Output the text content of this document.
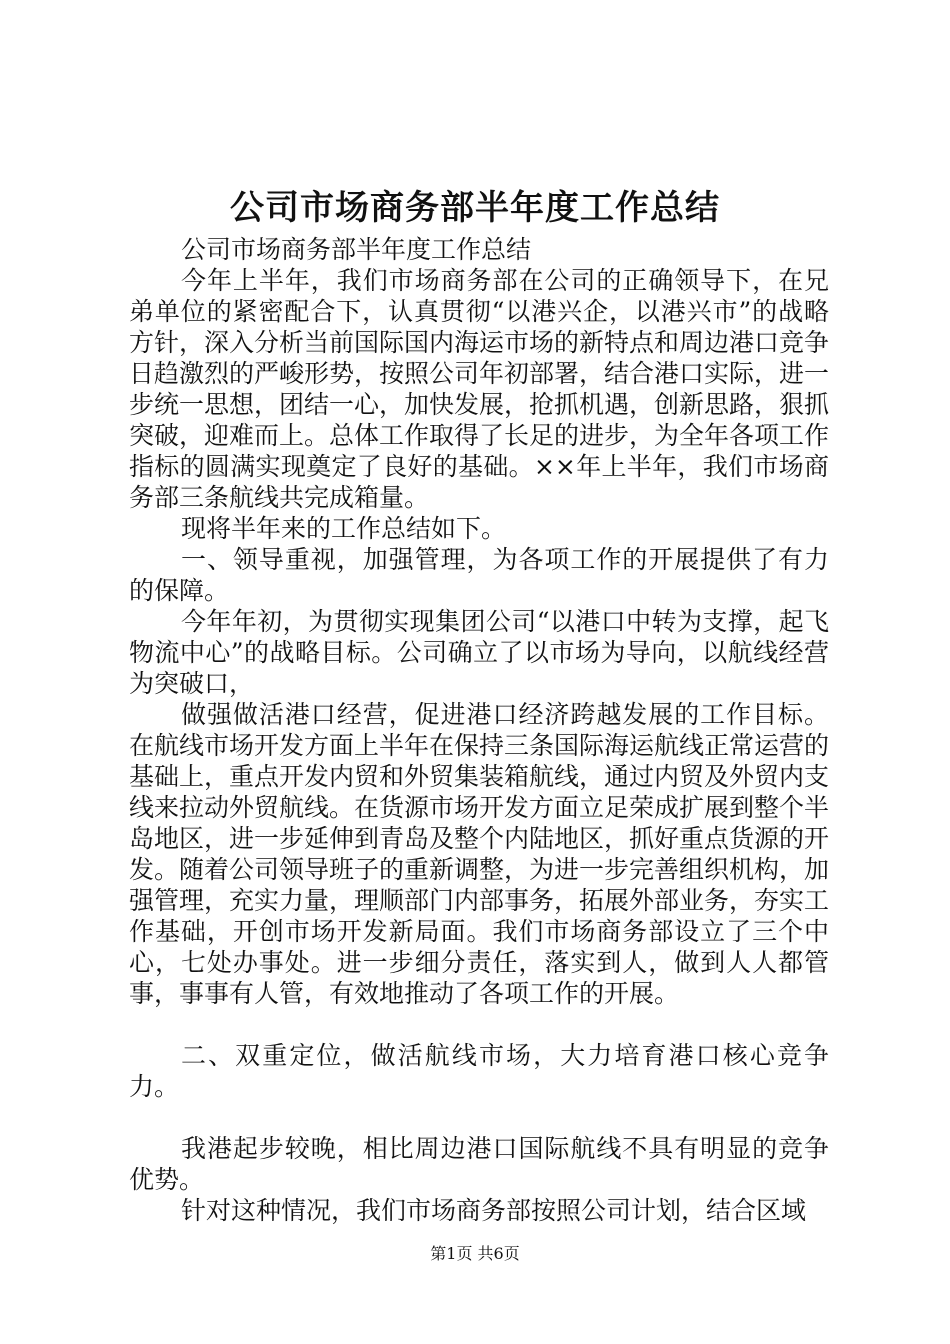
公司市场商务部半年度工作总结

公司市场商务部半年度工作总结

今年上半年，我们市场商务部在公司的正确领导下，在兄弟单位的紧密配合下，认真贯彻“以港兴企，以港兴市”的战略方针，深入分析当前国际国内海运市场的新特点和周边港口竞争日趋激烈的严峻形势，按照公司年初部署，结合港口实际，进一步统一思想，团结一心，加快发展，抢抓机遇，创新思路，狠抓突破，迎难而上。总体工作取得了长足的进步，为全年各项工作指标的圆满实现奠定了良好的基础。××年上半年，我们市场商务部三条航线共完成箱量。

现将半年来的工作总结如下。

一、领导重视，加强管理，为各项工作的开展提供了有力的保障。

今年年初，为贯彻实现集团公司“以港口中转为支撑，起飞物流中心”的战略目标。公司确立了以市场为导向，以航线经营为突破口，

做强做活港口经营，促进港口经济跨越发展的工作目标。在航线市场开发方面上半年在保持三条国际海运航线正常运营的基础上，重点开发内贸和外贸集装箱航线，通过内贸及外贸内支线来拉动外贸航线。在货源市场开发方面立足荣成扩展到整个半岛地区，进一步延伸到青岛及整个内陆地区，抓好重点货源的开发。随着公司领导班子的重新调整，为进一步完善组织机构，加强管理，充实力量，理顺部门内部事务，拓展外部业务，夯实工作基础，开创市场开发新局面。我们市场商务部设立了三个中心，七处办事处。进一步细分责任，落实到人，做到人人都管事，事事有人管，有效地推动了各项工作的开展。

二、双重定位，做活航线市场，大力培育港口核心竞争力。

我港起步较晚，相比周边港口国际航线不具有明显的竞争优势。

针对这种情况，我们市场商务部按照公司计划，结合区域

第1页 共6页
